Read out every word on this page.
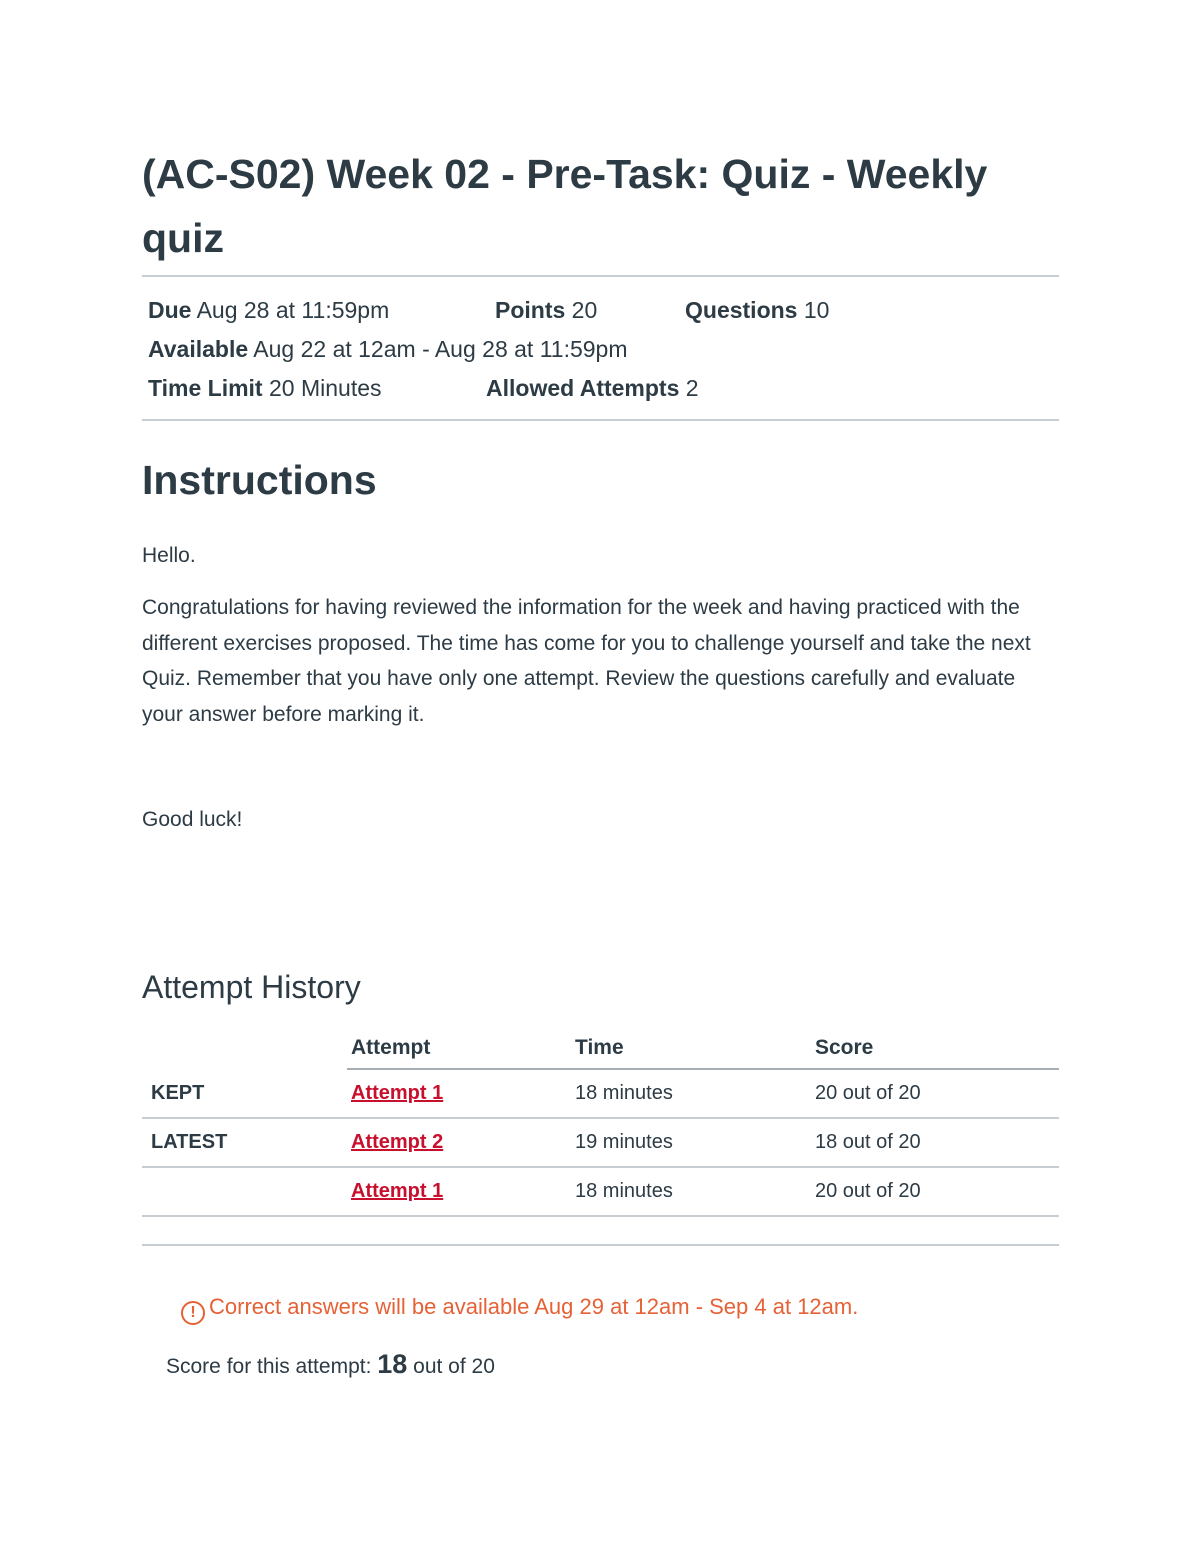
(AC-S02) Week 02 - Pre-Task: Quiz - Weekly quiz
Due Aug 28 at 11:59pm	Points 20	Questions 10
Available Aug 22 at 12am - Aug 28 at 11:59pm
Time Limit 20 Minutes	Allowed Attempts 2
Instructions

Hello.

Congratulations for having reviewed the information for the week and having practiced with the different exercises proposed. The time has come for you to challenge yourself and take the next Quiz. Remember that you have only one attempt. Review the questions carefully and evaluate your answer before marking it.

Good luck!

Attempt History
	Attempt	Time	Score
KEPT	Attempt 1	18 minutes	20 out of 20
LATEST	Attempt 2	19 minutes	18 out of 20
	Attempt 1	18 minutes	20 out of 20
! Correct answers will be available Aug 29 at 12am - Sep 4 at 12am.
Score for this attempt: 18 out of 20
